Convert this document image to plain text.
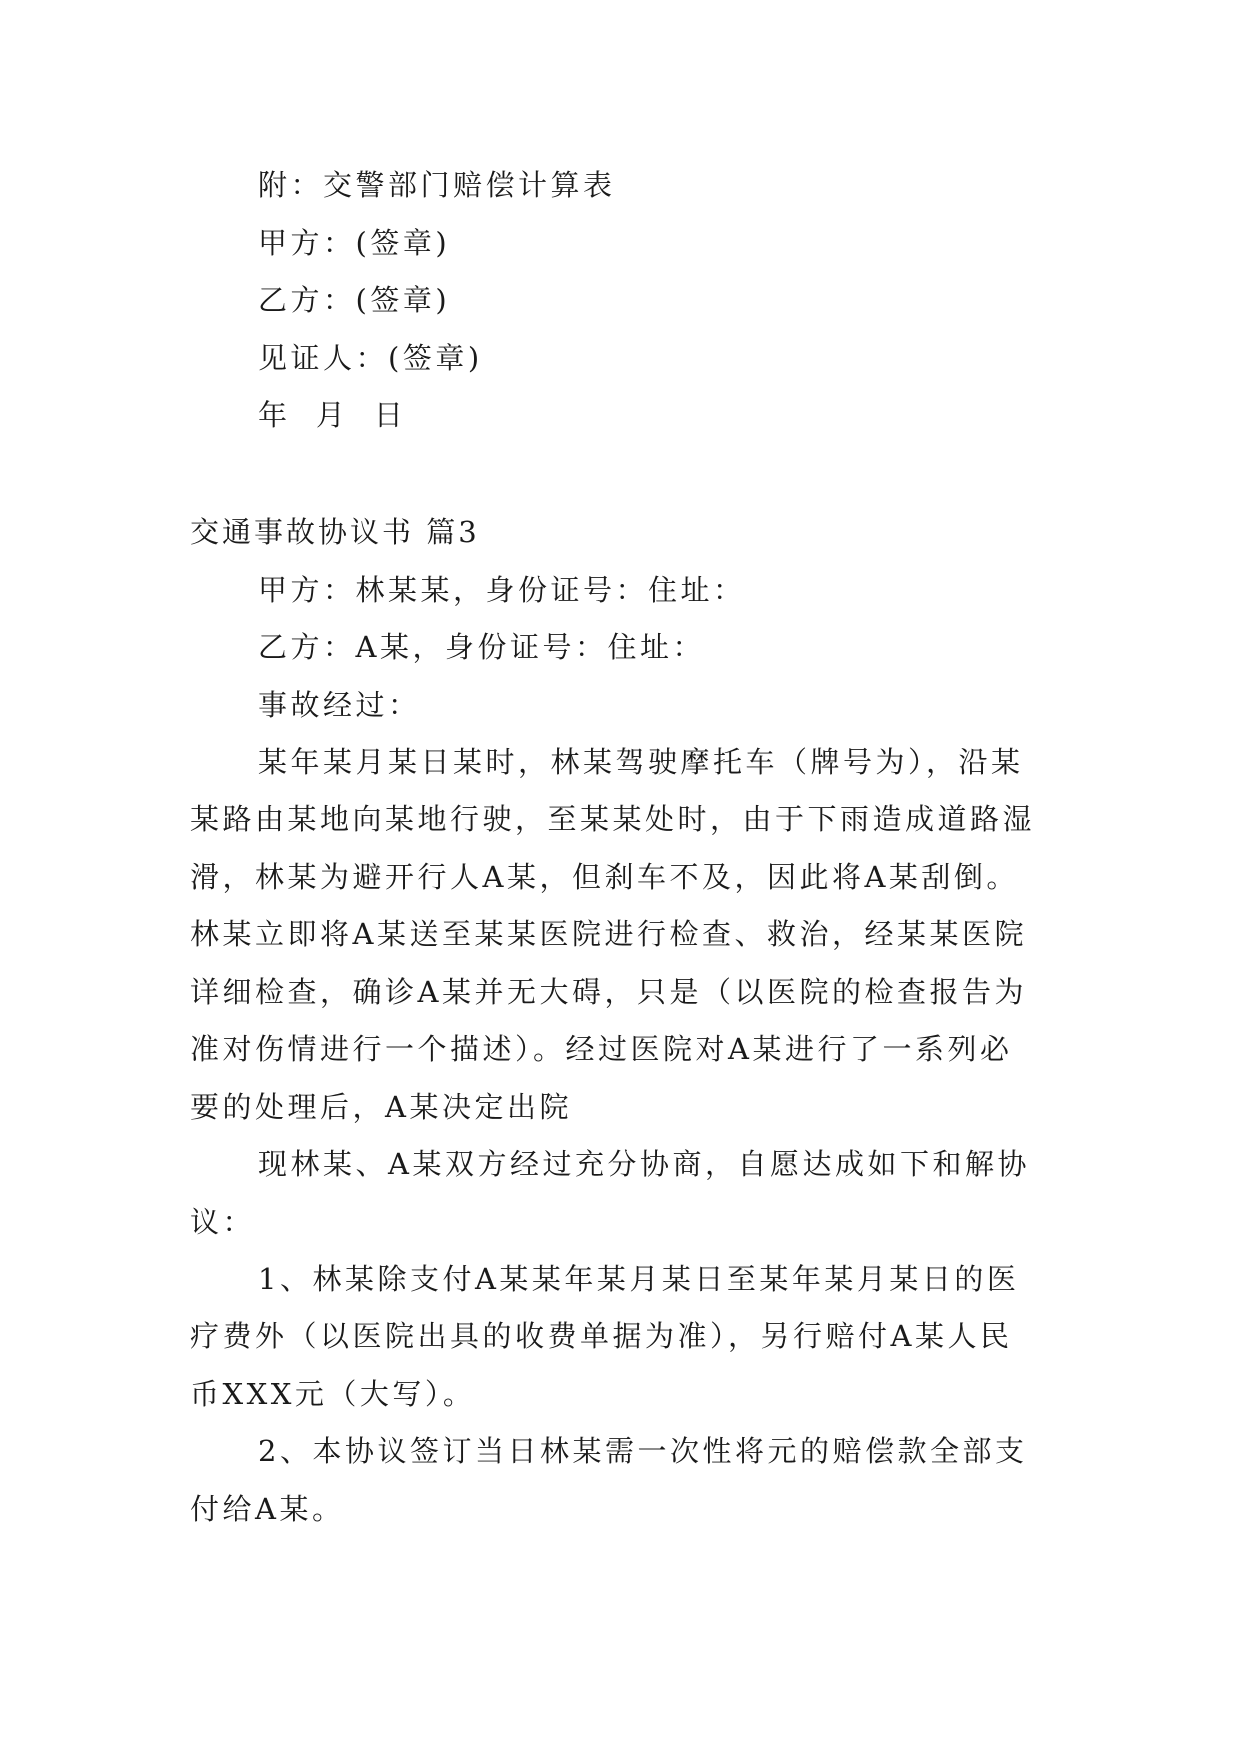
附：交警部门赔偿计算表
甲方：(签章)
乙方：(签章)
见证人：(签章)
年  月  日
交通事故协议书 篇3
甲方：林某某，身份证号：住址：
乙方：A某，身份证号：住址：
事故经过：
某年某月某日某时，林某驾驶摩托车（牌号为），沿某
某路由某地向某地行驶，至某某处时，由于下雨造成道路湿
滑，林某为避开行人A某，但刹车不及，因此将A某刮倒。
林某立即将A某送至某某医院进行检查、救治，经某某医院
详细检查，确诊A某并无大碍，只是（以医院的检查报告为
准对伤情进行一个描述）。经过医院对A某进行了一系列必
要的处理后，A某决定出院
现林某、A某双方经过充分协商，自愿达成如下和解协
议：
1、林某除支付A某某年某月某日至某年某月某日的医
疗费外（以医院出具的收费单据为准），另行赔付A某人民
币XXX元（大写）。
2、本协议签订当日林某需一次性将元的赔偿款全部支
付给A某。
